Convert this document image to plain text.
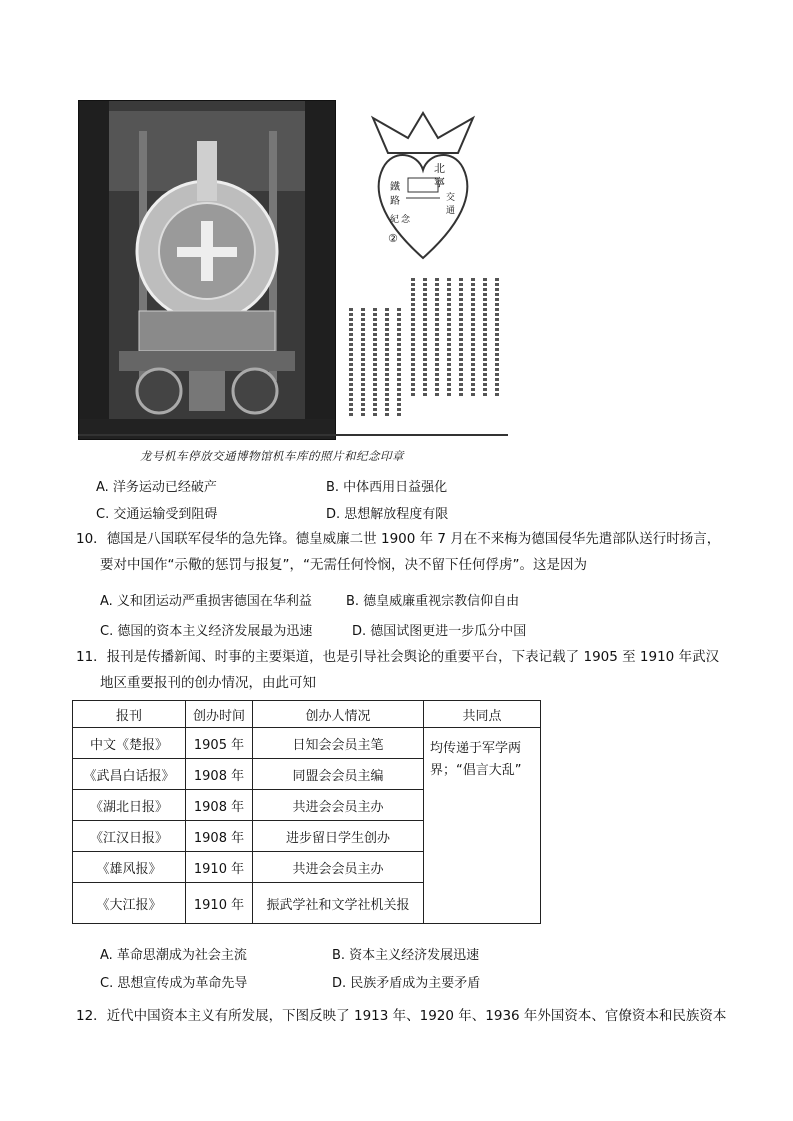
北
寧
交
通
鐵
路
紀 念
②
龙号机车停放交通博物馆机车库的照片和纪念印章
A. 洋务运动已经破产	B. 中体西用日益强化
C. 交通运输受到阻碍	D. 思想解放程度有限
10．德国是八国联军侵华的急先锋。德皇威廉二世 1900 年 7 月在不来梅为德国侵华先遣部队送行时扬言，
要对中国作“示儆的惩罚与报复”，“无需任何怜悯，决不留下任何俘虏”。这是因为
A. 义和团运动严重损害德国在华利益	B. 德皇威廉重视宗教信仰自由
C. 德国的资本主义经济发展最为迅速	D. 德国试图更进一步瓜分中国
11．报刊是传播新闻、时事的主要渠道，也是引导社会舆论的重要平台，下表记载了 1905 至 1910 年武汉
地区重要报刊的创办情况，由此可知
报刊	创办时间	创办人情况	共同点
中文《楚报》	1905 年	日知会会员主笔	均传递于军学两界；“倡言大乱”
《武昌白话报》	1908 年	同盟会会员主编	
《湖北日报》	1908 年	共进会会员主办	
《江汉日报》	1908 年	进步留日学生创办	
《雄风报》	1910 年	共进会会员主办	
《大江报》	1910 年	振武学社和文学社机关报	
A. 革命思潮成为社会主流	B. 资本主义经济发展迅速
C. 思想宣传成为革命先导	D. 民族矛盾成为主要矛盾
12．近代中国资本主义有所发展，下图反映了 1913 年、1920 年、1936 年外国资本、官僚资本和民族资本
